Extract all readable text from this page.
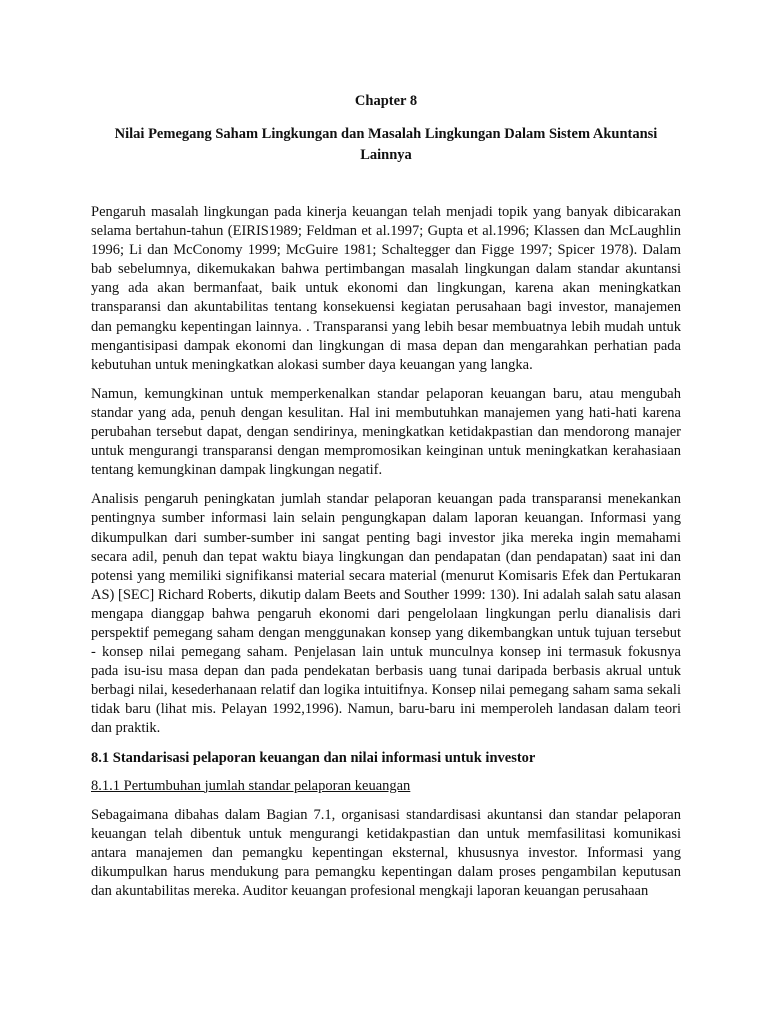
Chapter 8

Nilai Pemegang Saham Lingkungan dan Masalah Lingkungan Dalam Sistem Akuntansi Lainnya

Pengaruh masalah lingkungan pada kinerja keuangan telah menjadi topik yang banyak dibicarakan selama bertahun-tahun (EIRIS1989; Feldman et al.1997; Gupta et al.1996; Klassen dan McLaughlin 1996; Li dan McConomy 1999; McGuire 1981; Schaltegger dan Figge 1997; Spicer 1978). Dalam bab sebelumnya, dikemukakan bahwa pertimbangan masalah lingkungan dalam standar akuntansi yang ada akan bermanfaat, baik untuk ekonomi dan lingkungan, karena akan meningkatkan transparansi dan akuntabilitas tentang konsekuensi kegiatan perusahaan bagi investor, manajemen dan pemangku kepentingan lainnya. . Transparansi yang lebih besar membuatnya lebih mudah untuk mengantisipasi dampak ekonomi dan lingkungan di masa depan dan mengarahkan perhatian pada kebutuhan untuk meningkatkan alokasi sumber daya keuangan yang langka.

Namun, kemungkinan untuk memperkenalkan standar pelaporan keuangan baru, atau mengubah standar yang ada, penuh dengan kesulitan. Hal ini membutuhkan manajemen yang hati-hati karena perubahan tersebut dapat, dengan sendirinya, meningkatkan ketidakpastian dan mendorong manajer untuk mengurangi transparansi dengan mempromosikan keinginan untuk meningkatkan kerahasiaan tentang kemungkinan dampak lingkungan negatif.

Analisis pengaruh peningkatan jumlah standar pelaporan keuangan pada transparansi menekankan pentingnya sumber informasi lain selain pengungkapan dalam laporan keuangan. Informasi yang dikumpulkan dari sumber-sumber ini sangat penting bagi investor jika mereka ingin memahami secara adil, penuh dan tepat waktu biaya lingkungan dan pendapatan (dan pendapatan) saat ini dan potensi yang memiliki signifikansi material secara material (menurut Komisaris Efek dan Pertukaran AS) [SEC] Richard Roberts, dikutip dalam Beets and Souther 1999: 130). Ini adalah salah satu alasan mengapa dianggap bahwa pengaruh ekonomi dari pengelolaan lingkungan perlu dianalisis dari perspektif pemegang saham dengan menggunakan konsep yang dikembangkan untuk tujuan tersebut - konsep nilai pemegang saham. Penjelasan lain untuk munculnya konsep ini termasuk fokusnya pada isu-isu masa depan dan pada pendekatan berbasis uang tunai daripada berbasis akrual untuk berbagi nilai, kesederhanaan relatif dan logika intuitifnya. Konsep nilai pemegang saham sama sekali tidak baru (lihat mis. Pelayan 1992,1996). Namun, baru-baru ini memperoleh landasan dalam teori dan praktik.

8.1 Standarisasi pelaporan keuangan dan nilai informasi untuk investor

8.1.1 Pertumbuhan jumlah standar pelaporan keuangan

Sebagaimana dibahas dalam Bagian 7.1, organisasi standardisasi akuntansi dan standar pelaporan keuangan telah dibentuk untuk mengurangi ketidakpastian dan untuk memfasilitasi komunikasi antara manajemen dan pemangku kepentingan eksternal, khususnya investor. Informasi yang dikumpulkan harus mendukung para pemangku kepentingan dalam proses pengambilan keputusan dan akuntabilitas mereka. Auditor keuangan profesional mengkaji laporan keuangan perusahaan
